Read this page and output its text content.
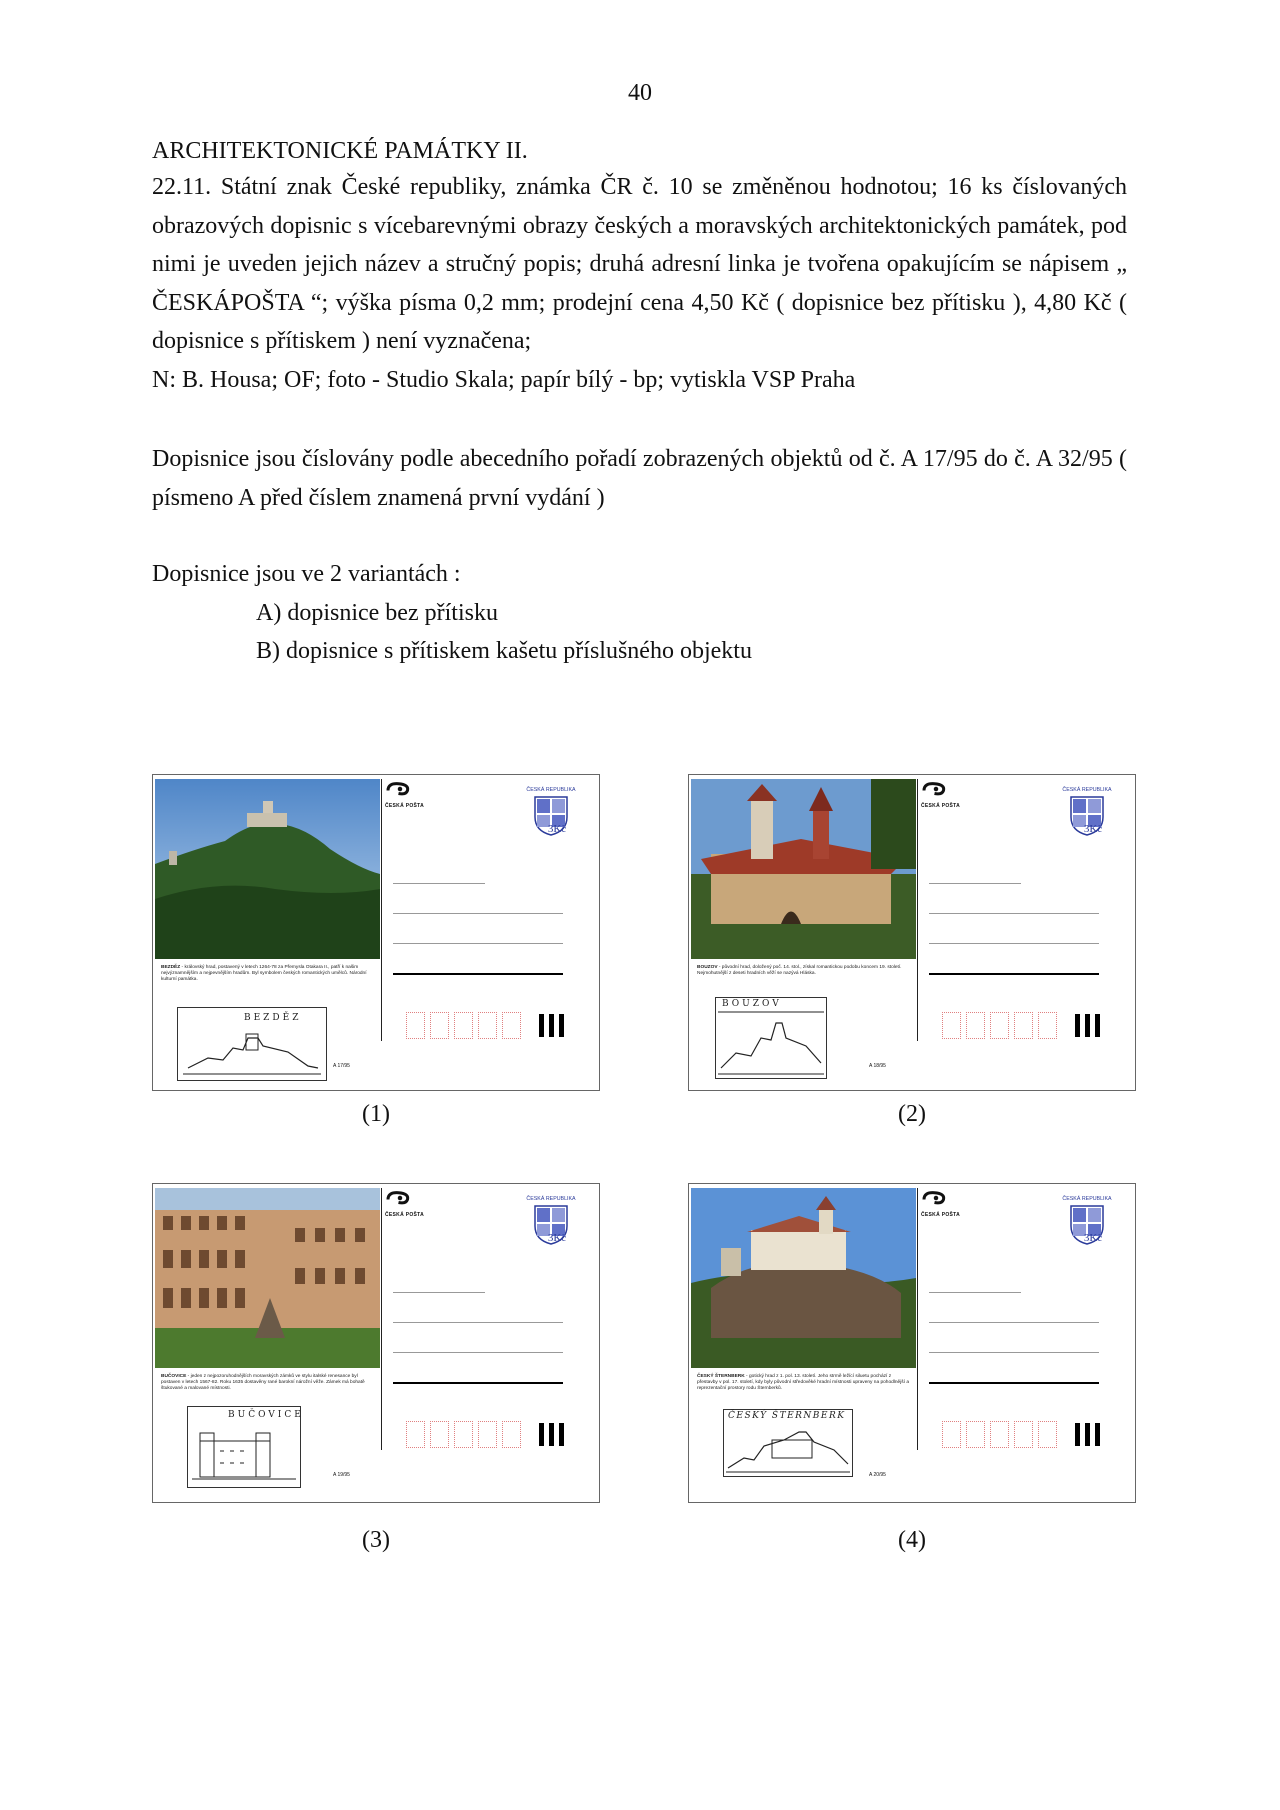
40
ARCHITEKTONICKÉ PAMÁTKY II.
22.11. Státní znak České republiky, známka ČR č. 10 se změněnou hodnotou; 16 ks číslovaných obrazových dopisnic s vícebarevnými obrazy českých a moravských architektonických památek, pod nimi je uveden jejich název a stručný popis; druhá adresní linka je tvořena opakujícím se nápisem „ ČESKÁPOŠTA “; výška písma 0,2 mm; prodejní cena 4,50 Kč ( dopisnice bez přítisku ), 4,80 Kč ( dopisnice s přítiskem ) není vyznačena;
N: B. Housa; OF; foto - Studio Skala; papír bílý - bp; vytiskla VSP Praha
Dopisnice jsou číslovány podle abecedního pořadí zobrazených objektů od č. A 17/95 do č. A 32/95 ( písmeno A před číslem znamená první vydání )
Dopisnice jsou ve 2 variantách :
A) dopisnice bez přítisku
B) dopisnice s přítiskem kašetu příslušného objektu
BEZDĚZ - královský hrad, postavený v letech 1264-78 za Přemysla Otakara II., patří k našim nejvýznamnějším a nejpevnějším hradům. Byl symbolem českých romantických umělců. Národní kulturní památka.
BEZDĚZ
A 17/95
ČESKÁ POŠTA
ČESKÁ REPUBLIKA
3Kč
BOUZOV - původní hrad, doložený poč. 14. stol., získal romantickou podobu koncem 19. století. Nejmohutnější z deseti hradních věží se nazývá Hláska.
BOUZOV
A 18/95
ČESKÁ POŠTA
ČESKÁ REPUBLIKA
3Kč
(1)	(2)
BUČOVICE - jeden z nejpozoruhodnějších moravských zámků ve stylu italské renesance byl postaven v letech 1567-82. Roku 1635 dostavěny rané barokní nárožní věže. Zámek má bohatě štukované a malované místnosti.
BUČOVICE
A 19/95
ČESKÁ POŠTA
ČESKÁ REPUBLIKA
3Kč
ČESKÝ ŠTERNBERK - gotický hrad z 1. pol. 13. století. Jeho strmě ležící siluetu pochází z přestavby v pol. 17. století, kdy byly původní středověké hradní místnosti upraveny na pohodlnější a reprezentační prostory rodu Šternberků.
ČESKÝ ŠTERNBERK
A 20/95
ČESKÁ POŠTA
ČESKÁ REPUBLIKA
3Kč
(3)	(4)
